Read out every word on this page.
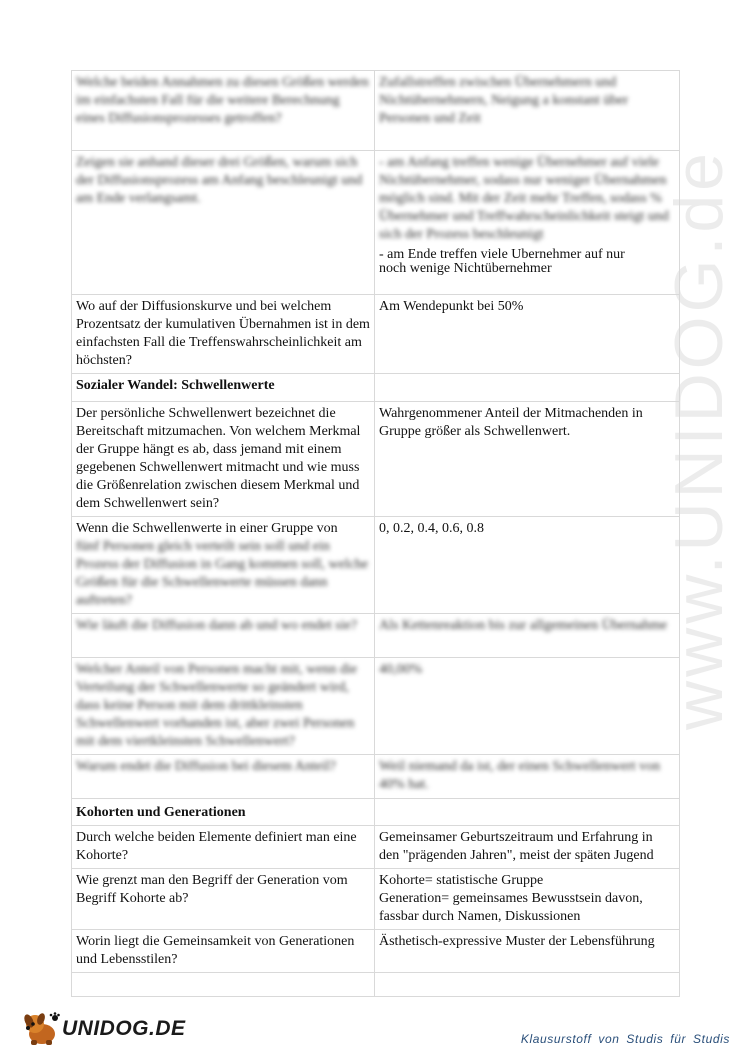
www.UNIDOG.de
Welche beiden Annahmen zu diesen Größen werden im einfachsten Fall für die weitere Berechnung eines Diffusionsprozesses getroffen?	Zufallstreffen zwischen Übernehmern und Nichtübernehmern, Neigung a konstant über Personen und Zeit
Zeigen sie anhand dieser drei Größen, warum sich der Diffusionsprozess am Anfang beschleunigt und am Ende verlangsamt.	- am Anfang treffen wenige Übernehmer auf viele Nichtübernehmer, sodass nur weniger Übernahmen möglich sind. Mit der Zeit mehr Treffen, sodass % Übernehmer und Treffwahrscheinlichkeit steigt und sich der Prozess beschleunigt
- am Ende treffen viele Übernehmer auf nur
noch wenige Nichtübernehmer

Wo auf der Diffusionskurve und bei welchem Prozentsatz der kumulativen Übernahmen ist in dem einfachsten Fall die Treffenswahrscheinlichkeit am höchsten?	Am Wendepunkt bei 50%
Sozialer Wandel: Schwellenwerte	
Der persönliche Schwellenwert bezeichnet die Bereitschaft mitzumachen. Von welchem Merkmal der Gruppe hängt es ab, dass jemand mit einem gegebenen Schwellenwert mitmacht und wie muss die Größenrelation zwischen diesem Merkmal und dem Schwellenwert sein?	Wahrgenommener Anteil der Mitmachenden in Gruppe größer als Schwellenwert.

Wenn die Schwellenwerte in einer Gruppe von
fünf Personen gleich verteilt sein soll und ein Prozess der Diffusion in Gang kommen soll, welche Größen für die Schwellenwerte müssen dann auftreten?	0, 0.2, 0.4, 0.6, 0.8
Wie läuft die Diffusion dann ab und wo endet sie?	Als Kettenreaktion bis zur allgemeinen Übernahme
Welcher Anteil von Personen macht mit, wenn die Verteilung der Schwellenwerte so geändert wird, dass keine Person mit dem drittkleinsten Schwellenwert vorhanden ist, aber zwei Personen mit dem viertkleinsten Schwellenwert?	40,00%
Warum endet die Diffusion bei diesem Anteil?	Weil niemand da ist, der einen Schwellenwert von 40% hat.

Kohorten und Generationen	

Durch welche beiden Elemente definiert man eine Kohorte?	Gemeinsamer Geburtszeitraum und Erfahrung in den "prägenden Jahren", meist der späten Jugend
Wie grenzt man den Begriff der Generation vom Begriff Kohorte ab?	Kohorte= statistische Gruppe
Generation= gemeinsames Bewusstsein davon, fassbar durch Namen, Diskussionen
Worin liegt die Gemeinsamkeit von Generationen und Lebensstilen?	Ästhetisch-expressive Muster der Lebensführung

UNIDOG.DE	Klausurstoff von Studis für Studis
